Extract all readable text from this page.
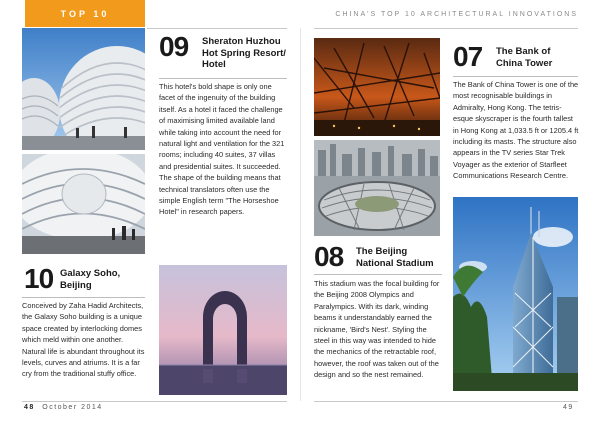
TOP 10	CHINA'S TOP 10 ARCHITECTURAL INNOVATIONS
10 Galaxy Soho, Beijing
Conceived by Zaha Hadid Architects, the Galaxy Soho building is a unique space created by interlocking domes which meld within one another. Natural life is abundant throughout its levels, curves and atriums. It is a far cry from the traditional stuffy office.
09 Sheraton Huzhou Hot Spring Resort/ Hotel
This hotel's bold shape is only one facet of the ingenuity of the building itself. As a hotel it faced the challenge of maximising limited available land while taking into account the need for natural light and ventilation for the 321 rooms; including 40 suites, 37 villas and presidential suites. It succeeded. The shape of the building means that technical translators often use the simple English term "The Horseshoe Hotel" in research papers.
48 October 2014
08 The Beijing National Stadium
This stadium was the focal building for the Beijing 2008 Olympics and Paralympics. With its dark, winding beams it understandably earned the nickname, 'Bird's Nest'. Styling the steel in this way was intended to hide the mechanics of the retractable roof, however, the roof was taken out of the design and so the nest remained.
07 The Bank of China Tower
The Bank of China Tower is one of the most recognisable buildings in Admiralty, Hong Kong. The tetris-esque skyscraper is the fourth tallest in Hong Kong at 1,033.5 ft or 1205.4 ft including its masts. The structure also appears in the TV series Star Trek Voyager as the exterior of Starfleet Communications Research Centre.
49
